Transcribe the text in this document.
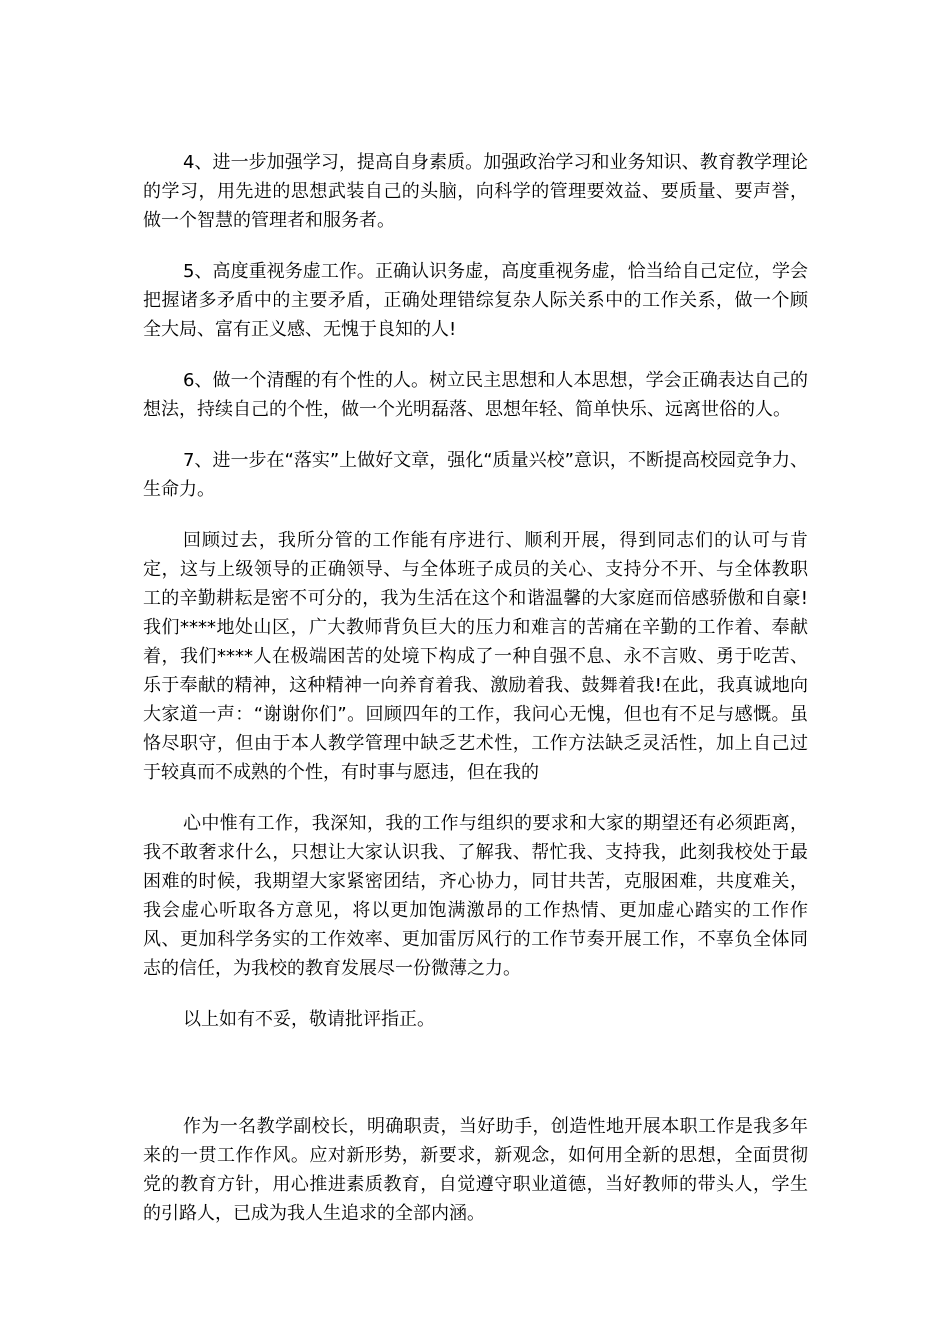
4、进一步加强学习，提高自身素质。加强政治学习和业务知识、教育教学理论的学习，用先进的思想武装自己的头脑，向科学的管理要效益、要质量、要声誉，做一个智慧的管理者和服务者。

5、高度重视务虚工作。正确认识务虚，高度重视务虚，恰当给自己定位，学会把握诸多矛盾中的主要矛盾，正确处理错综复杂人际关系中的工作关系，做一个顾全大局、富有正义感、无愧于良知的人!

6、做一个清醒的有个性的人。树立民主思想和人本思想，学会正确表达自己的想法，持续自己的个性，做一个光明磊落、思想年轻、简单快乐、远离世俗的人。

7、进一步在“落实”上做好文章，强化“质量兴校”意识，不断提高校园竞争力、生命力。

回顾过去，我所分管的工作能有序进行、顺利开展，得到同志们的认可与肯定，这与上级领导的正确领导、与全体班子成员的关心、支持分不开、与全体教职工的辛勤耕耘是密不可分的，我为生活在这个和谐温馨的大家庭而倍感骄傲和自豪!我们****地处山区，广大教师背负巨大的压力和难言的苦痛在辛勤的工作着、奉献着，我们****人在极端困苦的处境下构成了一种自强不息、永不言败、勇于吃苦、乐于奉献的精神，这种精神一向养育着我、激励着我、鼓舞着我!在此，我真诚地向大家道一声：“谢谢你们”。回顾四年的工作，我问心无愧，但也有不足与感慨。虽恪尽职守，但由于本人教学管理中缺乏艺术性，工作方法缺乏灵活性，加上自己过于较真而不成熟的个性，有时事与愿违，但在我的

心中惟有工作，我深知，我的工作与组织的要求和大家的期望还有必须距离，我不敢奢求什么，只想让大家认识我、了解我、帮忙我、支持我，此刻我校处于最困难的时候，我期望大家紧密团结，齐心协力，同甘共苦，克服困难，共度难关，我会虚心听取各方意见，将以更加饱满激昂的工作热情、更加虚心踏实的工作作风、更加科学务实的工作效率、更加雷厉风行的工作节奏开展工作，不辜负全体同志的信任，为我校的教育发展尽一份微薄之力。

以上如有不妥，敬请批评指正。

作为一名教学副校长，明确职责，当好助手，创造性地开展本职工作是我多年来的一贯工作作风。应对新形势，新要求，新观念，如何用全新的思想，全面贯彻党的教育方针，用心推进素质教育，自觉遵守职业道德，当好教师的带头人，学生的引路人，已成为我人生追求的全部内涵。
